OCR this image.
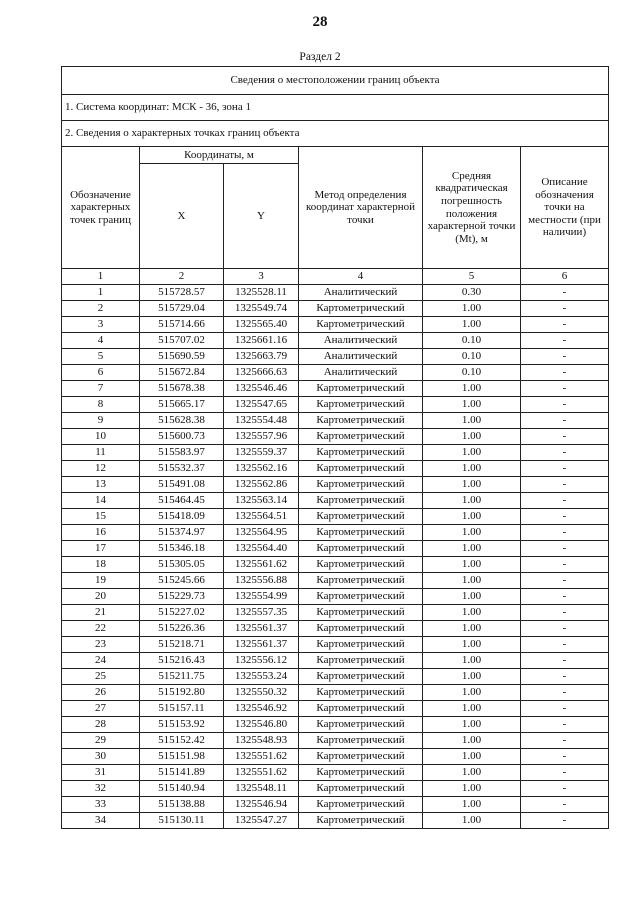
28
Раздел 2
Сведения о местоположении границ объекта					
1. Система координат: МСК - 36, зона 1					
2. Сведения о характерных точках границ объекта					
Обозначение характерных точек границ	Координаты, м		Метод определения координат характерной точки	Средняя квадратическая погрешность положения характерной точки (Mt), м	Описание обозначения точки на местности (при наличии)
	X	Y			
1	2	3	4	5	6
1	515728.57	1325528.11	Аналитический	0.30	-
2	515729.04	1325549.74	Картометрический	1.00	-
3	515714.66	1325565.40	Картометрический	1.00	-
4	515707.02	1325661.16	Аналитический	0.10	-
5	515690.59	1325663.79	Аналитический	0.10	-
6	515672.84	1325666.63	Аналитический	0.10	-
7	515678.38	1325546.46	Картометрический	1.00	-
8	515665.17	1325547.65	Картометрический	1.00	-
9	515628.38	1325554.48	Картометрический	1.00	-
10	515600.73	1325557.96	Картометрический	1.00	-
11	515583.97	1325559.37	Картометрический	1.00	-
12	515532.37	1325562.16	Картометрический	1.00	-
13	515491.08	1325562.86	Картометрический	1.00	-
14	515464.45	1325563.14	Картометрический	1.00	-
15	515418.09	1325564.51	Картометрический	1.00	-
16	515374.97	1325564.95	Картометрический	1.00	-
17	515346.18	1325564.40	Картометрический	1.00	-
18	515305.05	1325561.62	Картометрический	1.00	-
19	515245.66	1325556.88	Картометрический	1.00	-
20	515229.73	1325554.99	Картометрический	1.00	-
21	515227.02	1325557.35	Картометрический	1.00	-
22	515226.36	1325561.37	Картометрический	1.00	-
23	515218.71	1325561.37	Картометрический	1.00	-
24	515216.43	1325556.12	Картометрический	1.00	-
25	515211.75	1325553.24	Картометрический	1.00	-
26	515192.80	1325550.32	Картометрический	1.00	-
27	515157.11	1325546.92	Картометрический	1.00	-
28	515153.92	1325546.80	Картометрический	1.00	-
29	515152.42	1325548.93	Картометрический	1.00	-
30	515151.98	1325551.62	Картометрический	1.00	-
31	515141.89	1325551.62	Картометрический	1.00	-
32	515140.94	1325548.11	Картометрический	1.00	-
33	515138.88	1325546.94	Картометрический	1.00	-
34	515130.11	1325547.27	Картометрический	1.00	-
